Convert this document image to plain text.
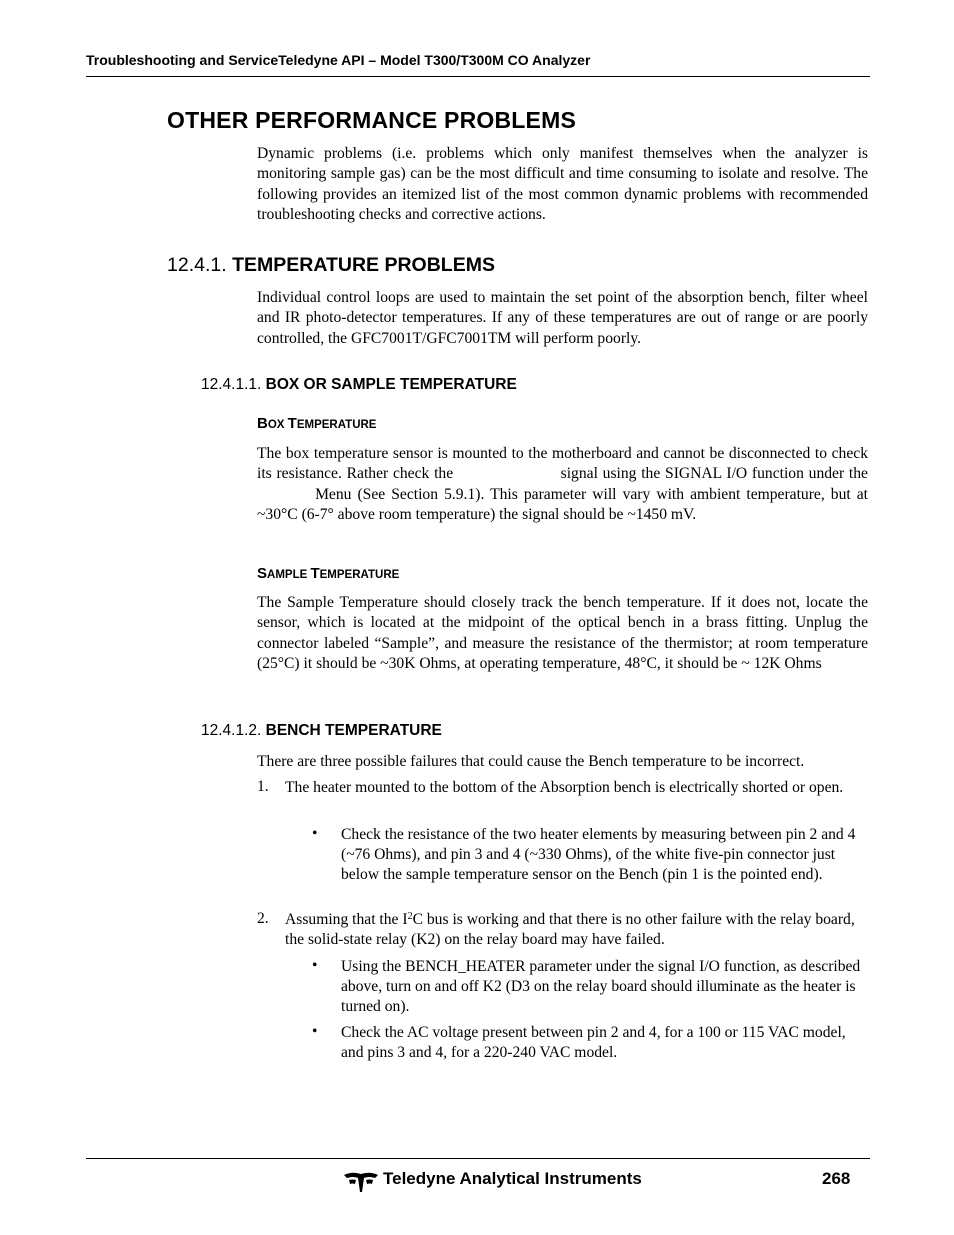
Troubleshooting and ServiceTeledyne API – Model T300/T300M CO Analyzer
OTHER PERFORMANCE PROBLEMS
Dynamic problems (i.e. problems which only manifest themselves when the analyzer is monitoring sample gas) can be the most difficult and time consuming to isolate and resolve. The following provides an itemized list of the most common dynamic problems with recommended troubleshooting checks and corrective actions.
12.4.1. TEMPERATURE PROBLEMS
Individual control loops are used to maintain the set point of the absorption bench, filter wheel and IR photo-detector temperatures. If any of these temperatures are out of range or are poorly controlled, the GFC7001T/GFC7001TM will perform poorly.
12.4.1.1. BOX OR SAMPLE TEMPERATURE
BOX TEMPERATURE
The box temperature sensor is mounted to the motherboard and cannot be disconnected to check its resistance. Rather check the	signal using the SIGNAL I/O function under the  Menu (See Section 5.9.1). This parameter will vary with ambient temperature, but at ~30°C (6-7° above room temperature) the signal should be ~1450 mV.
SAMPLE TEMPERATURE
The Sample Temperature should closely track the bench temperature. If it does not, locate the sensor, which is located at the midpoint of the optical bench in a brass fitting. Unplug the connector labeled “Sample”, and measure the resistance of the thermistor; at room temperature (25°C) it should be ~30K Ohms, at operating temperature, 48°C, it should be ~ 12K Ohms
12.4.1.2. BENCH TEMPERATURE
There are three possible failures that could cause the Bench temperature to be incorrect.
1. The heater mounted to the bottom of the Absorption bench is electrically shorted or open.
• Check the resistance of the two heater elements by measuring between pin 2 and 4 (~76 Ohms), and pin 3 and 4 (~330 Ohms), of the white five-pin connector just below the sample temperature sensor on the Bench (pin 1 is the pointed end).
2. Assuming that the $I^2C$ bus is working and that there is no other failure with the relay board, the solid-state relay (K2) on the relay board may have failed.
• Using the BENCH_HEATER parameter under the signal I/O function, as described above, turn on and off K2 (D3 on the relay board should illuminate as the heater is turned on).
• Check the AC voltage present between pin 2 and 4, for a 100 or 115 VAC model, and pins 3 and 4, for a 220-240 VAC model.
Teledyne Analytical Instruments	268
